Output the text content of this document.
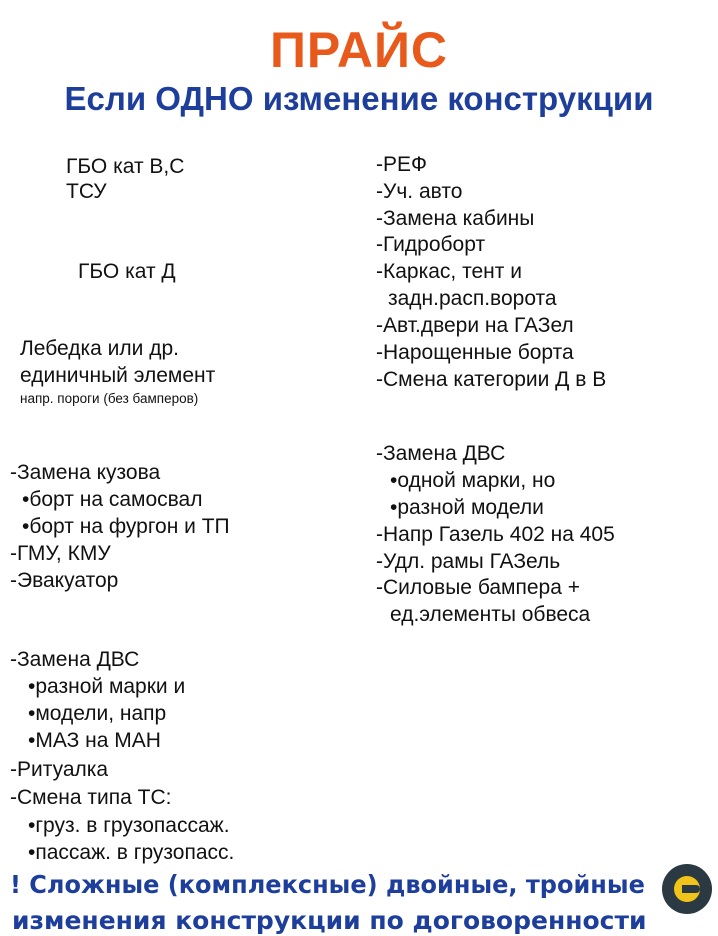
ПРАЙС
Если ОДНО изменение конструкции
ГБО кат В,С
ТСУ
ГБО кат Д
Лебедка или др.
единичный элемент
напр. пороги (без бамперов)
-Замена кузова
•борт на самосвал
•борт на фургон и ТП
-ГМУ, КМУ
-Эвакуатор
-Замена ДВС
•разной марки и
•модели, напр
•МАЗ на МАН
-Ритуалка
-Смена типа ТС:
•груз. в грузопассаж.
•пассаж. в грузопасс.
-РЕФ
-Уч. авто
-Замена кабины
-Гидроборт
-Каркас, тент и
задн.расп.ворота
-Авт.двери на ГАЗел
-Нарощенные борта
-Смена категории Д в В
-Замена ДВС
•одной марки, но
•разной модели
-Напр Газель 402 на 405
-Удл. рамы ГАЗель
-Силовые бампера +
ед.элементы обвеса
! Сложные (комплексные) двойные, тройные
изменения конструкции по договоренности
